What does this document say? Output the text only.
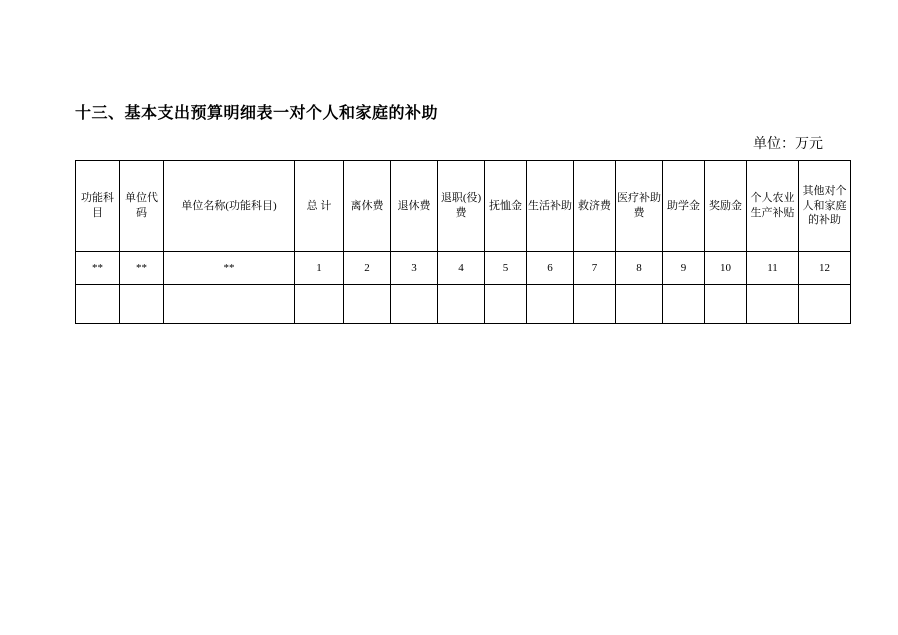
十三、基本支出预算明细表一对个人和家庭的补助
单位：万元
功能科目	单位代码	单位名称(功能科目)	总 计	离休费	退休费	退职(役)费	抚恤金	生活补助	救济费	医疗补助费	助学金	奖励金	个人农业生产补贴	其他对个人和家庭的补助
**	**	**	1	2	3	4	5	6	7	8	9	10	11	12
